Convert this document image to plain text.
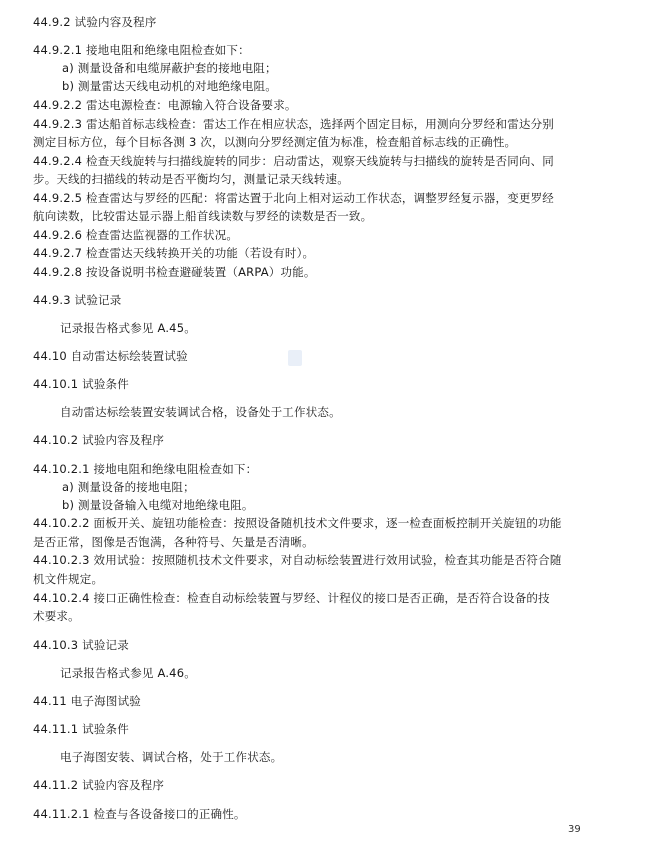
44.9.2 试验内容及程序
44.9.2.1 接地电阻和绝缘电阻检查如下：
a) 测量设备和电缆屏蔽护套的接地电阻；
b) 测量雷达天线电动机的对地绝缘电阻。
44.9.2.2 雷达电源检查：电源输入符合设备要求。
44.9.2.3 雷达船首标志线检查：雷达工作在相应状态，选择两个固定目标，用测向分罗经和雷达分别
测定目标方位，每个目标各测 3 次，以测向分罗经测定值为标准，检查船首标志线的正确性。
44.9.2.4 检查天线旋转与扫描线旋转的同步：启动雷达，观察天线旋转与扫描线的旋转是否同向、同
步。天线的扫描线的转动是否平衡均匀，测量记录天线转速。
44.9.2.5 检查雷达与罗经的匹配：将雷达置于北向上相对运动工作状态，调整罗经复示器，变更罗经
航向读数，比较雷达显示器上船首线读数与罗经的读数是否一致。
44.9.2.6 检查雷达监视器的工作状况。
44.9.2.7 检查雷达天线转换开关的功能（若设有时）。
44.9.2.8 按设备说明书检查避碰装置（ARPA）功能。
44.9.3 试验记录
记录报告格式参见 A.45。
44.10 自动雷达标绘装置试验
44.10.1 试验条件
自动雷达标绘装置安装调试合格，设备处于工作状态。
44.10.2 试验内容及程序
44.10.2.1 接地电阻和绝缘电阻检查如下：
a) 测量设备的接地电阻；
b) 测量设备输入电缆对地绝缘电阻。
44.10.2.2 面板开关、旋钮功能检查：按照设备随机技术文件要求，逐一检查面板控制开关旋钮的功能
是否正常，图像是否饱满，各种符号、矢量是否清晰。
44.10.2.3 效用试验：按照随机技术文件要求，对自动标绘装置进行效用试验，检查其功能是否符合随
机文件规定。
44.10.2.4 接口正确性检查：检查自动标绘装置与罗经、计程仪的接口是否正确，是否符合设备的技
术要求。
44.10.3 试验记录
记录报告格式参见 A.46。
44.11 电子海图试验
44.11.1 试验条件
电子海图安装、调试合格，处于工作状态。
44.11.2 试验内容及程序
44.11.2.1 检查与各设备接口的正确性。
39
